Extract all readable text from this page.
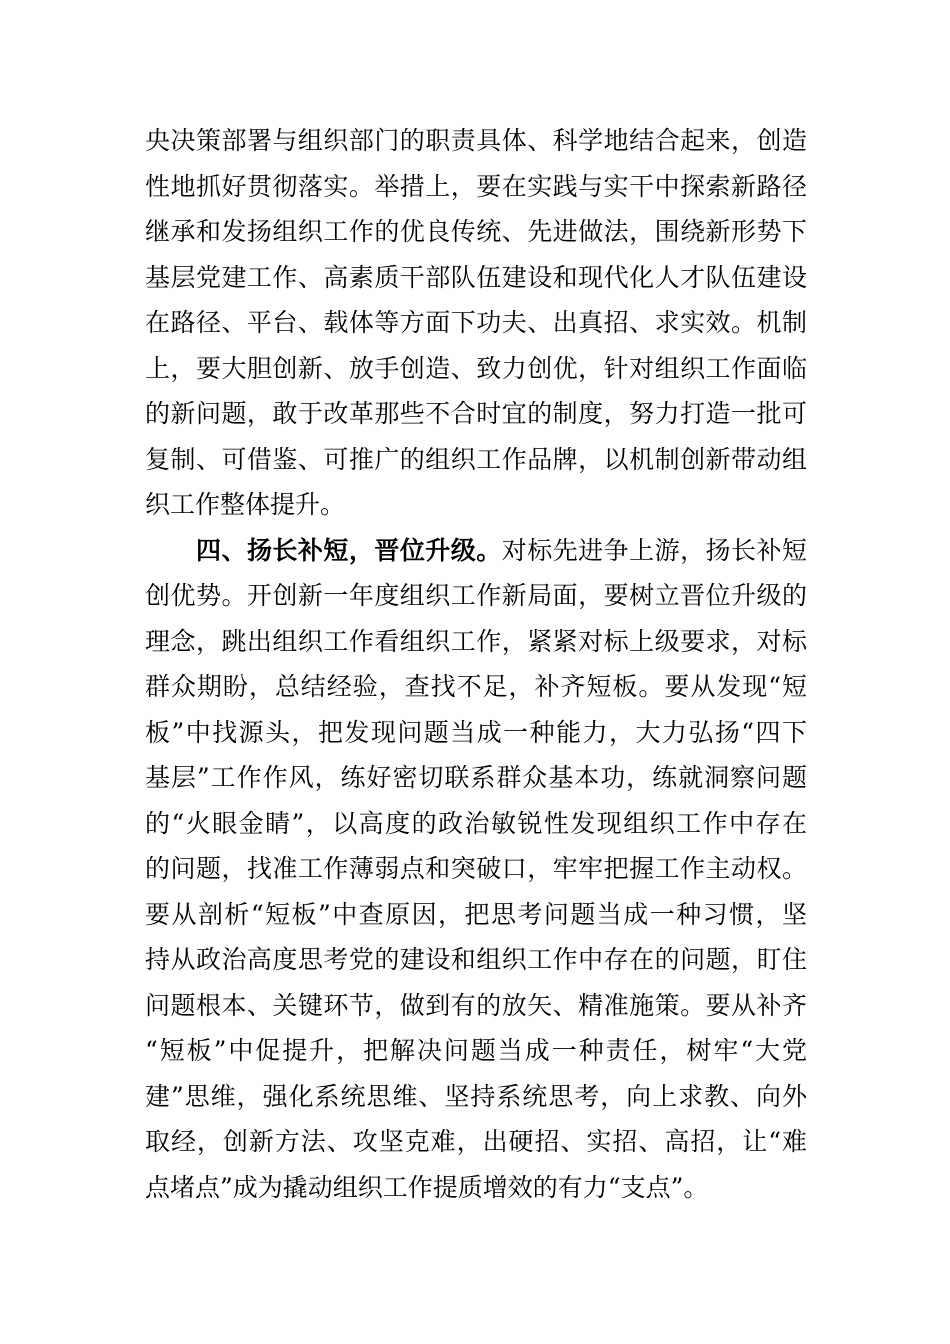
央决策部署与组织部门的职责具体、科学地结合起来，创造
性地抓好贯彻落实。举措上，要在实践与实干中探索新路径
继承和发扬组织工作的优良传统、先进做法，围绕新形势下
基层党建工作、高素质干部队伍建设和现代化人才队伍建设
在路径、平台、载体等方面下功夫、出真招、求实效。机制
上，要大胆创新、放手创造、致力创优，针对组织工作面临
的新问题，敢于改革那些不合时宜的制度，努力打造一批可
复制、可借鉴、可推广的组织工作品牌，以机制创新带动组
织工作整体提升。
四、扬长补短，晋位升级。对标先进争上游，扬长补短
创优势。开创新一年度组织工作新局面，要树立晋位升级的
理念，跳出组织工作看组织工作，紧紧对标上级要求，对标
群众期盼，总结经验，查找不足，补齐短板。要从发现“短
板”中找源头，把发现问题当成一种能力，大力弘扬“四下
基层”工作作风，练好密切联系群众基本功，练就洞察问题
的“火眼金睛”，以高度的政治敏锐性发现组织工作中存在
的问题，找准工作薄弱点和突破口，牢牢把握工作主动权。
要从剖析“短板”中查原因，把思考问题当成一种习惯，坚
持从政治高度思考党的建设和组织工作中存在的问题，盯住
问题根本、关键环节，做到有的放矢、精准施策。要从补齐
“短板”中促提升，把解决问题当成一种责任，树牢“大党
建”思维，强化系统思维、坚持系统思考，向上求教、向外
取经，创新方法、攻坚克难，出硬招、实招、高招，让“难
点堵点”成为撬动组织工作提质增效的有力“支点”。
